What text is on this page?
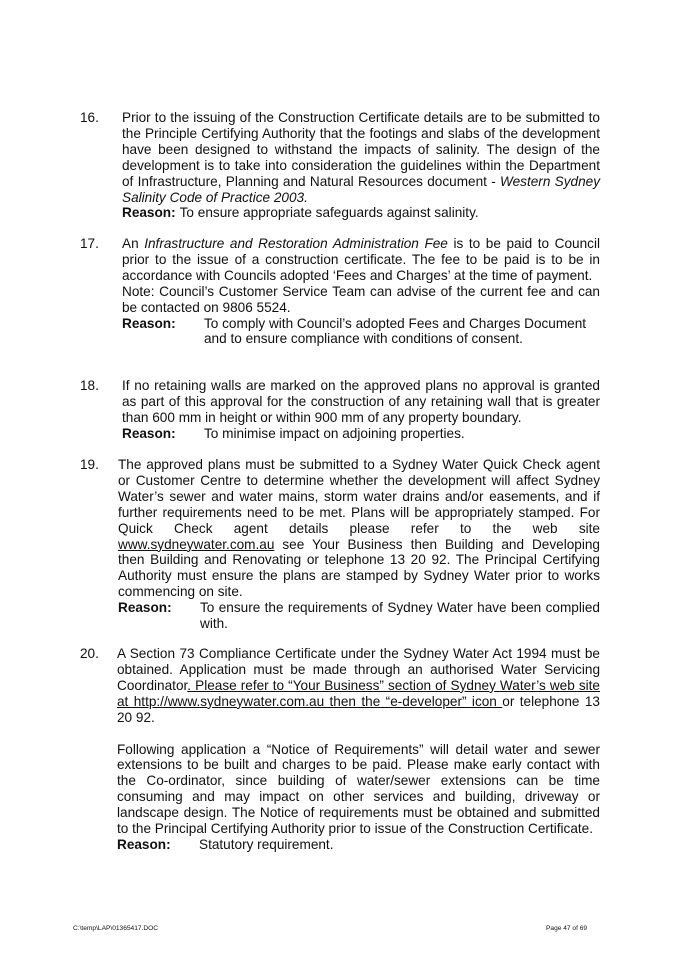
16. Prior to the issuing of the Construction Certificate details are to be submitted to the Principle Certifying Authority that the footings and slabs of the development have been designed to withstand the impacts of salinity. The design of the development is to take into consideration the guidelines within the Department of Infrastructure, Planning and Natural Resources document - Western Sydney Salinity Code of Practice 2003.

Reason: To ensure appropriate safeguards against salinity.
17. An Infrastructure and Restoration Administration Fee is to be paid to Council prior to the issue of a construction certificate. The fee to be paid is to be in accordance with Councils adopted ‘Fees and Charges’ at the time of payment.

Note: Council’s Customer Service Team can advise of the current fee and can be contacted on 9806 5524.

Reason:	To comply with Council’s adopted Fees and Charges Document and to ensure compliance with conditions of consent.
18. If no retaining walls are marked on the approved plans no approval is granted as part of this approval for the construction of any retaining wall that is greater than 600 mm in height or within 900 mm of any property boundary.

Reason:	To minimise impact on adjoining properties.
19. The approved plans must be submitted to a Sydney Water Quick Check agent or Customer Centre to determine whether the development will affect Sydney Water’s sewer and water mains, storm water drains and/or easements, and if further requirements need to be met. Plans will be appropriately stamped. For Quick Check agent details please refer to the web site www.sydneywater.com.au see Your Business then Building and Developing then Building and Renovating or telephone 13 20 92. The Principal Certifying Authority must ensure the plans are stamped by Sydney Water prior to works commencing on site.

Reason:	To ensure the requirements of Sydney Water have been complied with.
20. A Section 73 Compliance Certificate under the Sydney Water Act 1994 must be obtained. Application must be made through an authorised Water Servicing Coordinator. Please refer to “Your Business” section of Sydney Water’s web site at http://www.sydneywater.com.au then the “e-developer” icon or telephone 13 20 92.

Following application a “Notice of Requirements” will detail water and sewer extensions to be built and charges to be paid. Please make early contact with the Co-ordinator, since building of water/sewer extensions can be time consuming and may impact on other services and building, driveway or landscape design. The Notice of requirements must be obtained and submitted to the Principal Certifying Authority prior to issue of the Construction Certificate.

Reason:	Statutory requirement.
C:\temp\LAP\01365417.DOC	Page 47 of 69
